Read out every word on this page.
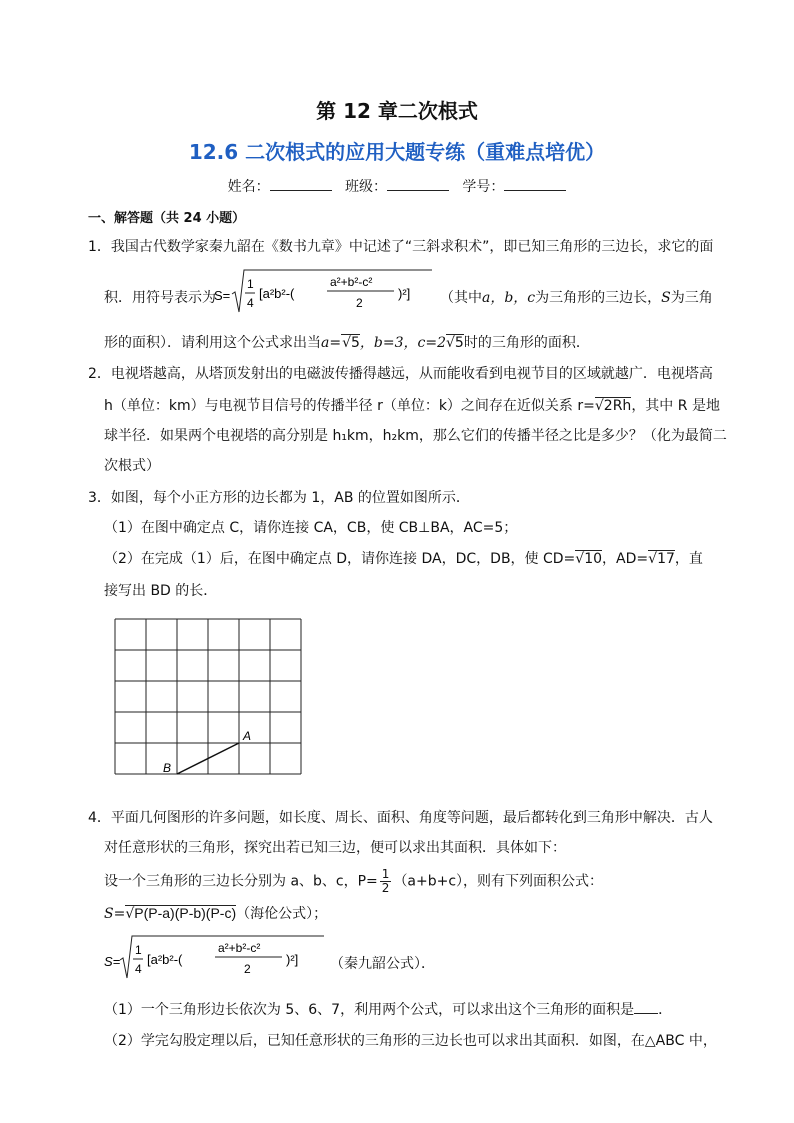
第 12 章二次根式
12.6 二次根式的应用大题专练（重难点培优）
姓名：	班级：	学号：
一、解答题（共 24 小题）
1．我国古代数学家秦九韶在《数书九章》中记述了“三斜求积术”，即已知三角形的三边长，求它的面
积．用符号表示为
S=
1
4
[a²b²-(
a²+b²-c²
2
)²] （其中a，b，c为三角形的三边长，S为三角
形的面积）．请利用这个公式求出当a=√5，b=3，c=2√5时的三角形的面积．
2．电视塔越高，从塔顶发射出的电磁波传播得越远，从而能收看到电视节目的区域就越广．电视塔高
h（单位：km）与电视节目信号的传播半径 r（单位：k）之间存在近似关系 r=√2Rh，其中 R 是地
球半径．如果两个电视塔的高分别是 h₁km，h₂km，那么它们的传播半径之比是多少？（化为最简二
次根式）
3．如图，每个小正方形的边长都为 1，AB 的位置如图所示．
（1）在图中确定点 C，请你连接 CA，CB，使 CB⊥BA，AC=5；
（2）在完成（1）后，在图中确定点 D，请你连接 DA，DC，DB，使 CD=√10，AD=√17，直
接写出 BD 的长．
A
B
4．平面几何图形的许多问题，如长度、周长、面积、角度等问题，最后都转化到三角形中解决．古人
对任意形状的三角形，探究出若已知三边，便可以求出其面积．具体如下：
设一个三角形的三边长分别为 a、b、c，$P= \frac{1}{2} (a+b+c)$，则有下列面积公式：
S=√P(P-a)(P-b)(P-c)（海伦公式）；
S=
1
4
[a²b²-(
a²+b²-c²
2
)²] （秦九韶公式）．
（1）一个三角形边长依次为 5、6、7，利用两个公式，可以求出这个三角形的面积是 ．
（2）学完勾股定理以后，已知任意形状的三角形的三边长也可以求出其面积．如图，在△ABC 中，
